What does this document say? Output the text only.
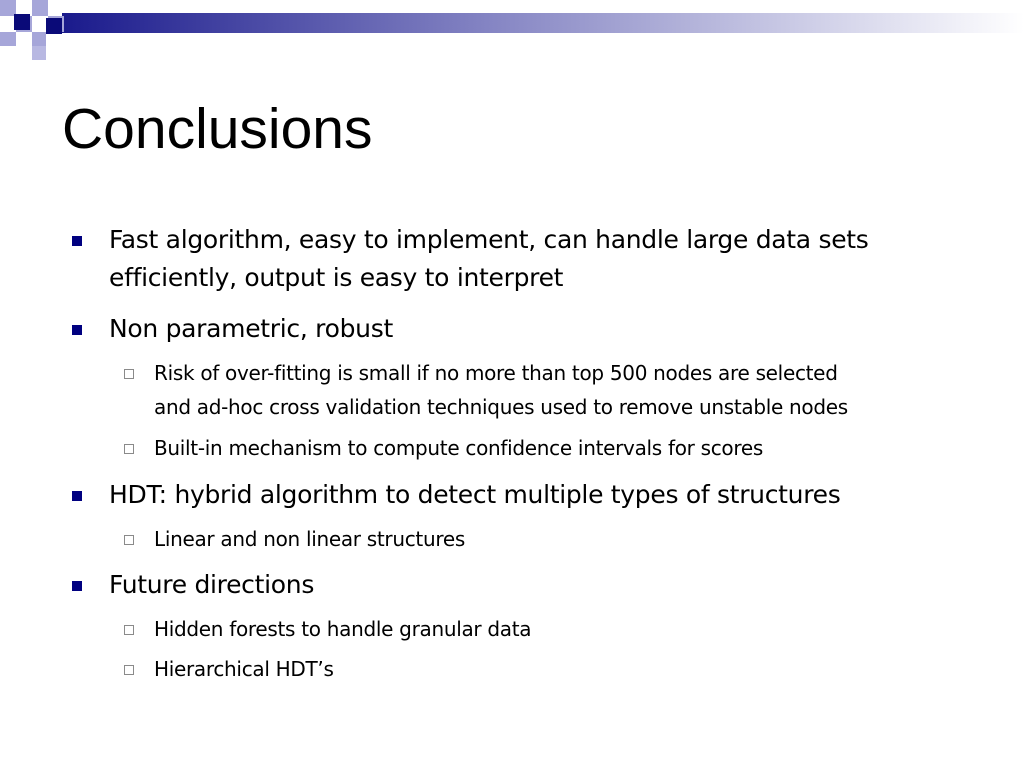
Conclusions
Fast algorithm, easy to implement, can handle large data sets
efficiently, output is easy to interpret
Non parametric, robust
Risk of over-fitting is small if no more than top 500 nodes are selected
and ad-hoc cross validation techniques used to remove unstable nodes
Built-in mechanism to compute confidence intervals for scores
HDT: hybrid algorithm to detect multiple types of structures
Linear and non linear structures
Future directions
Hidden forests to handle granular data
Hierarchical HDT’s
